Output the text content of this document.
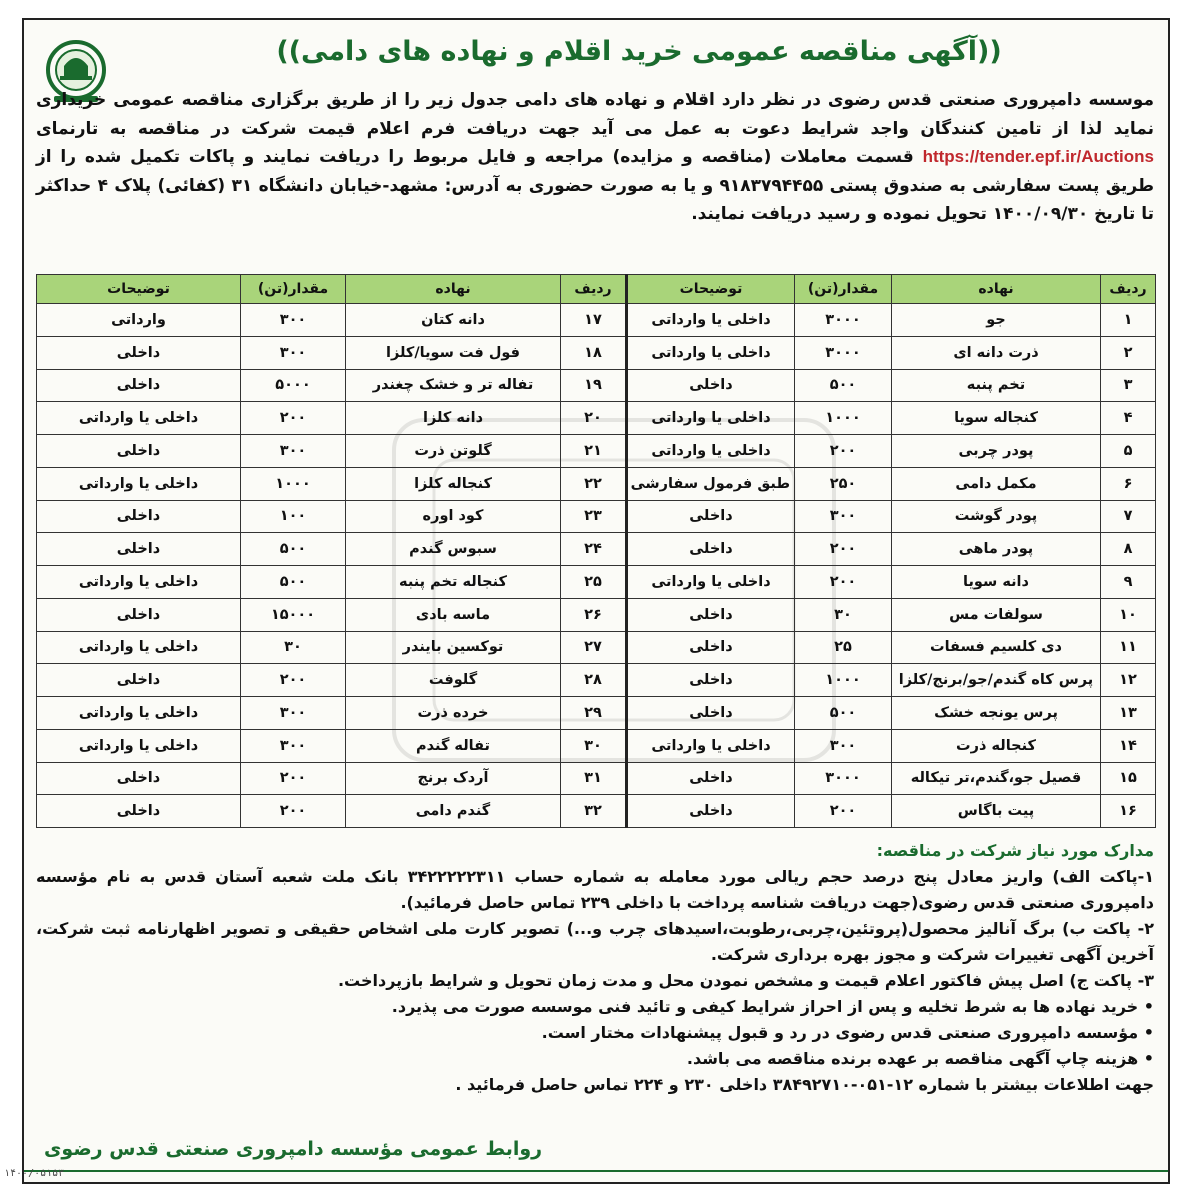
((آگهی مناقصه عمومی خرید اقلام و نهاده های دامی))
موسسه دامپروری صنعتی قدس رضوی در نظر دارد اقلام و نهاده های دامی جدول زیر را از طریق برگزاری مناقصه عمومی خریداری نماید لذا از تامین کنندگان واجد شرایط دعوت به عمل می آید جهت دریافت فرم اعلام قیمت شرکت در مناقصه به تارنمای https://tender.epf.ir/Auctions قسمت معاملات (مناقصه و مزایده) مراجعه و فایل مربوط را دریافت نمایند و پاکات تکمیل شده را از طریق پست سفارشی به صندوق پستی ۹۱۸۳۷۹۴۴۵۵ و یا به صورت حضوری به آدرس: مشهد-خیابان دانشگاه ۳۱ (کفائی) پلاک ۴ حداکثر تا تاریخ ۱۴۰۰/۰۹/۳۰ تحویل نموده و رسید دریافت نمایند.
ردیف	نهاده	مقدار(تن)	توضیحات	ردیف	نهاده	مقدار(تن)	توضیحات
۱	جو	۳۰۰۰	داخلی یا وارداتی	۱۷	دانه کتان	۳۰۰	وارداتی
۲	ذرت دانه ای	۳۰۰۰	داخلی یا وارداتی	۱۸	فول فت سویا/کلزا	۳۰۰	داخلی
۳	تخم پنبه	۵۰۰	داخلی	۱۹	تفاله تر و خشک چغندر	۵۰۰۰	داخلی
۴	کنجاله سویا	۱۰۰۰	داخلی یا وارداتی	۲۰	دانه کلزا	۲۰۰	داخلی یا وارداتی
۵	پودر چربی	۲۰۰	داخلی یا وارداتی	۲۱	گلوتن ذرت	۳۰۰	داخلی
۶	مکمل دامی	۲۵۰	طبق فرمول سفارشی	۲۲	کنجاله کلزا	۱۰۰۰	داخلی یا وارداتی
۷	پودر گوشت	۳۰۰	داخلی	۲۳	کود اوره	۱۰۰	داخلی
۸	پودر ماهی	۲۰۰	داخلی	۲۴	سبوس گندم	۵۰۰	داخلی
۹	دانه سویا	۲۰۰	داخلی یا وارداتی	۲۵	کنجاله تخم پنبه	۵۰۰	داخلی یا وارداتی
۱۰	سولفات مس	۳۰	داخلی	۲۶	ماسه بادی	۱۵۰۰۰	داخلی
۱۱	دی کلسیم فسفات	۲۵	داخلی	۲۷	توکسین بایندر	۳۰	داخلی یا وارداتی
۱۲	پرس کاه گندم/جو/برنج/کلزا	۱۰۰۰	داخلی	۲۸	گلوفت	۲۰۰	داخلی
۱۳	پرس یونجه خشک	۵۰۰	داخلی	۲۹	خرده ذرت	۳۰۰	داخلی یا وارداتی
۱۴	کنجاله ذرت	۳۰۰	داخلی یا وارداتی	۳۰	تفاله گندم	۳۰۰	داخلی یا وارداتی
۱۵	قصیل جو،گندم،تر تیکاله	۳۰۰۰	داخلی	۳۱	آردک برنج	۲۰۰	داخلی
۱۶	پیت باگاس	۲۰۰	داخلی	۳۲	گندم دامی	۲۰۰	داخلی

مدارک مورد نیاز شرکت در مناقصه:

۱-پاکت الف) واریز معادل پنج درصد حجم ریالی مورد معامله به شماره حساب ۳۴۲۲۲۲۲۳۱۱ بانک ملت شعبه آستان قدس به نام مؤسسه دامپروری صنعتی قدس رضوی(جهت دریافت شناسه پرداخت با داخلی ۲۳۹ تماس حاصل فرمائید).

۲- پاکت ب) برگ آنالیز محصول(پروتئین،چربی،رطوبت،اسیدهای چرب و...) تصویر کارت ملی اشخاص حقیقی و تصویر اظهارنامه ثبت شرکت، آخرین آگهی تغییرات شرکت و مجوز بهره برداری شرکت.

۳- پاکت ج) اصل پیش فاکتور اعلام قیمت و مشخص نمودن محل و مدت زمان تحویل و شرایط بازپرداخت.

• خرید نهاده ها به شرط تخلیه و پس از احراز شرایط کیفی و تائید فنی موسسه صورت می پذیرد.

• مؤسسه دامپروری صنعتی قدس رضوی در رد و قبول پیشنهادات مختار است.

• هزینه چاپ آگهی مناقصه بر عهده برنده مناقصه می باشد.

جهت اطلاعات بیشتر با شماره ۱۲-۰۵۱-۳۸۴۹۲۷۱۰ داخلی ۲۳۰ و ۲۲۴ تماس حاصل فرمائید .

روابط عمومی مؤسسه دامپروری صنعتی قدس رضوی
۱۴۰۰/۰۵۱۵۳
